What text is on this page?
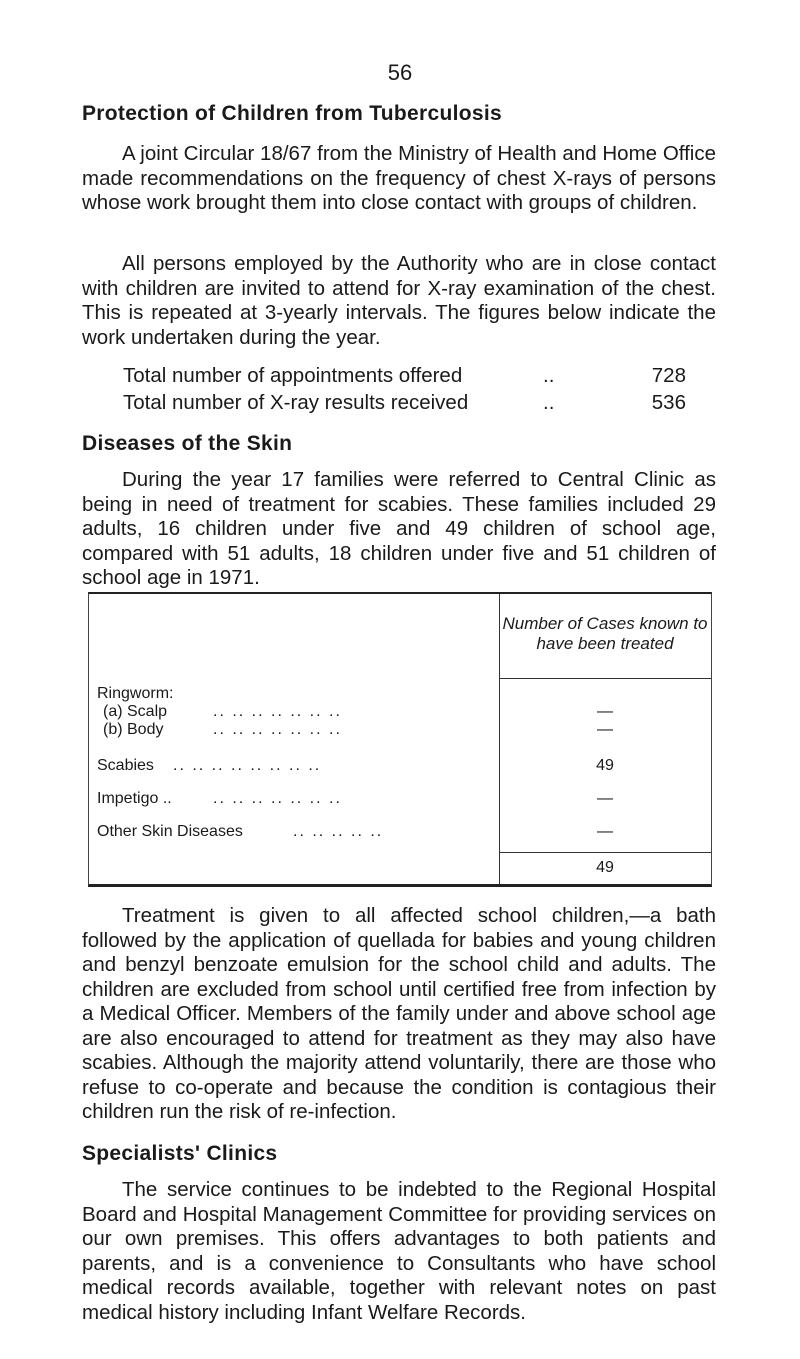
56
Protection of Children from Tuberculosis
A joint Circular 18/67 from the Ministry of Health and Home Office made recommendations on the frequency of chest X-rays of persons whose work brought them into close contact with groups of children.
All persons employed by the Authority who are in close contact with children are invited to attend for X-ray examination of the chest. This is repeated at 3-yearly intervals. The figures below indicate the work undertaken during the year.
Total number of appointments offered	..	728
Total number of X-ray results received	..	536
Diseases of the Skin
During the year 17 families were referred to Central Clinic as being in need of treatment for scabies. These families included 29 adults, 16 children under five and 49 children of school age, compared with 51 adults, 18 children under five and 51 children of school age in 1971.
Number of Cases known to have been treated
Ringworm:
(a) Scalp	.. .. .. .. .. .. ..	—
(b) Body	.. .. .. .. .. .. ..	—
Scabies .. .. .. .. .. .. .. ..	49
Impetigo ..	.. .. .. .. .. .. ..	—
Other Skin Diseases	.. .. .. .. ..	—
49
Treatment is given to all affected school children,—a bath followed by the application of quellada for babies and young children and benzyl benzoate emulsion for the school child and adults. The children are excluded from school until certified free from infection by a Medical Officer. Members of the family under and above school age are also encouraged to attend for treatment as they may also have scabies. Although the majority attend voluntarily, there are those who refuse to co-operate and because the condition is contagious their children run the risk of re-infection.
Specialists' Clinics
The service continues to be indebted to the Regional Hospital Board and Hospital Management Committee for providing services on our own premises. This offers advantages to both patients and parents, and is a convenience to Consultants who have school medical records available, together with relevant notes on past medical history including Infant Welfare Records.
